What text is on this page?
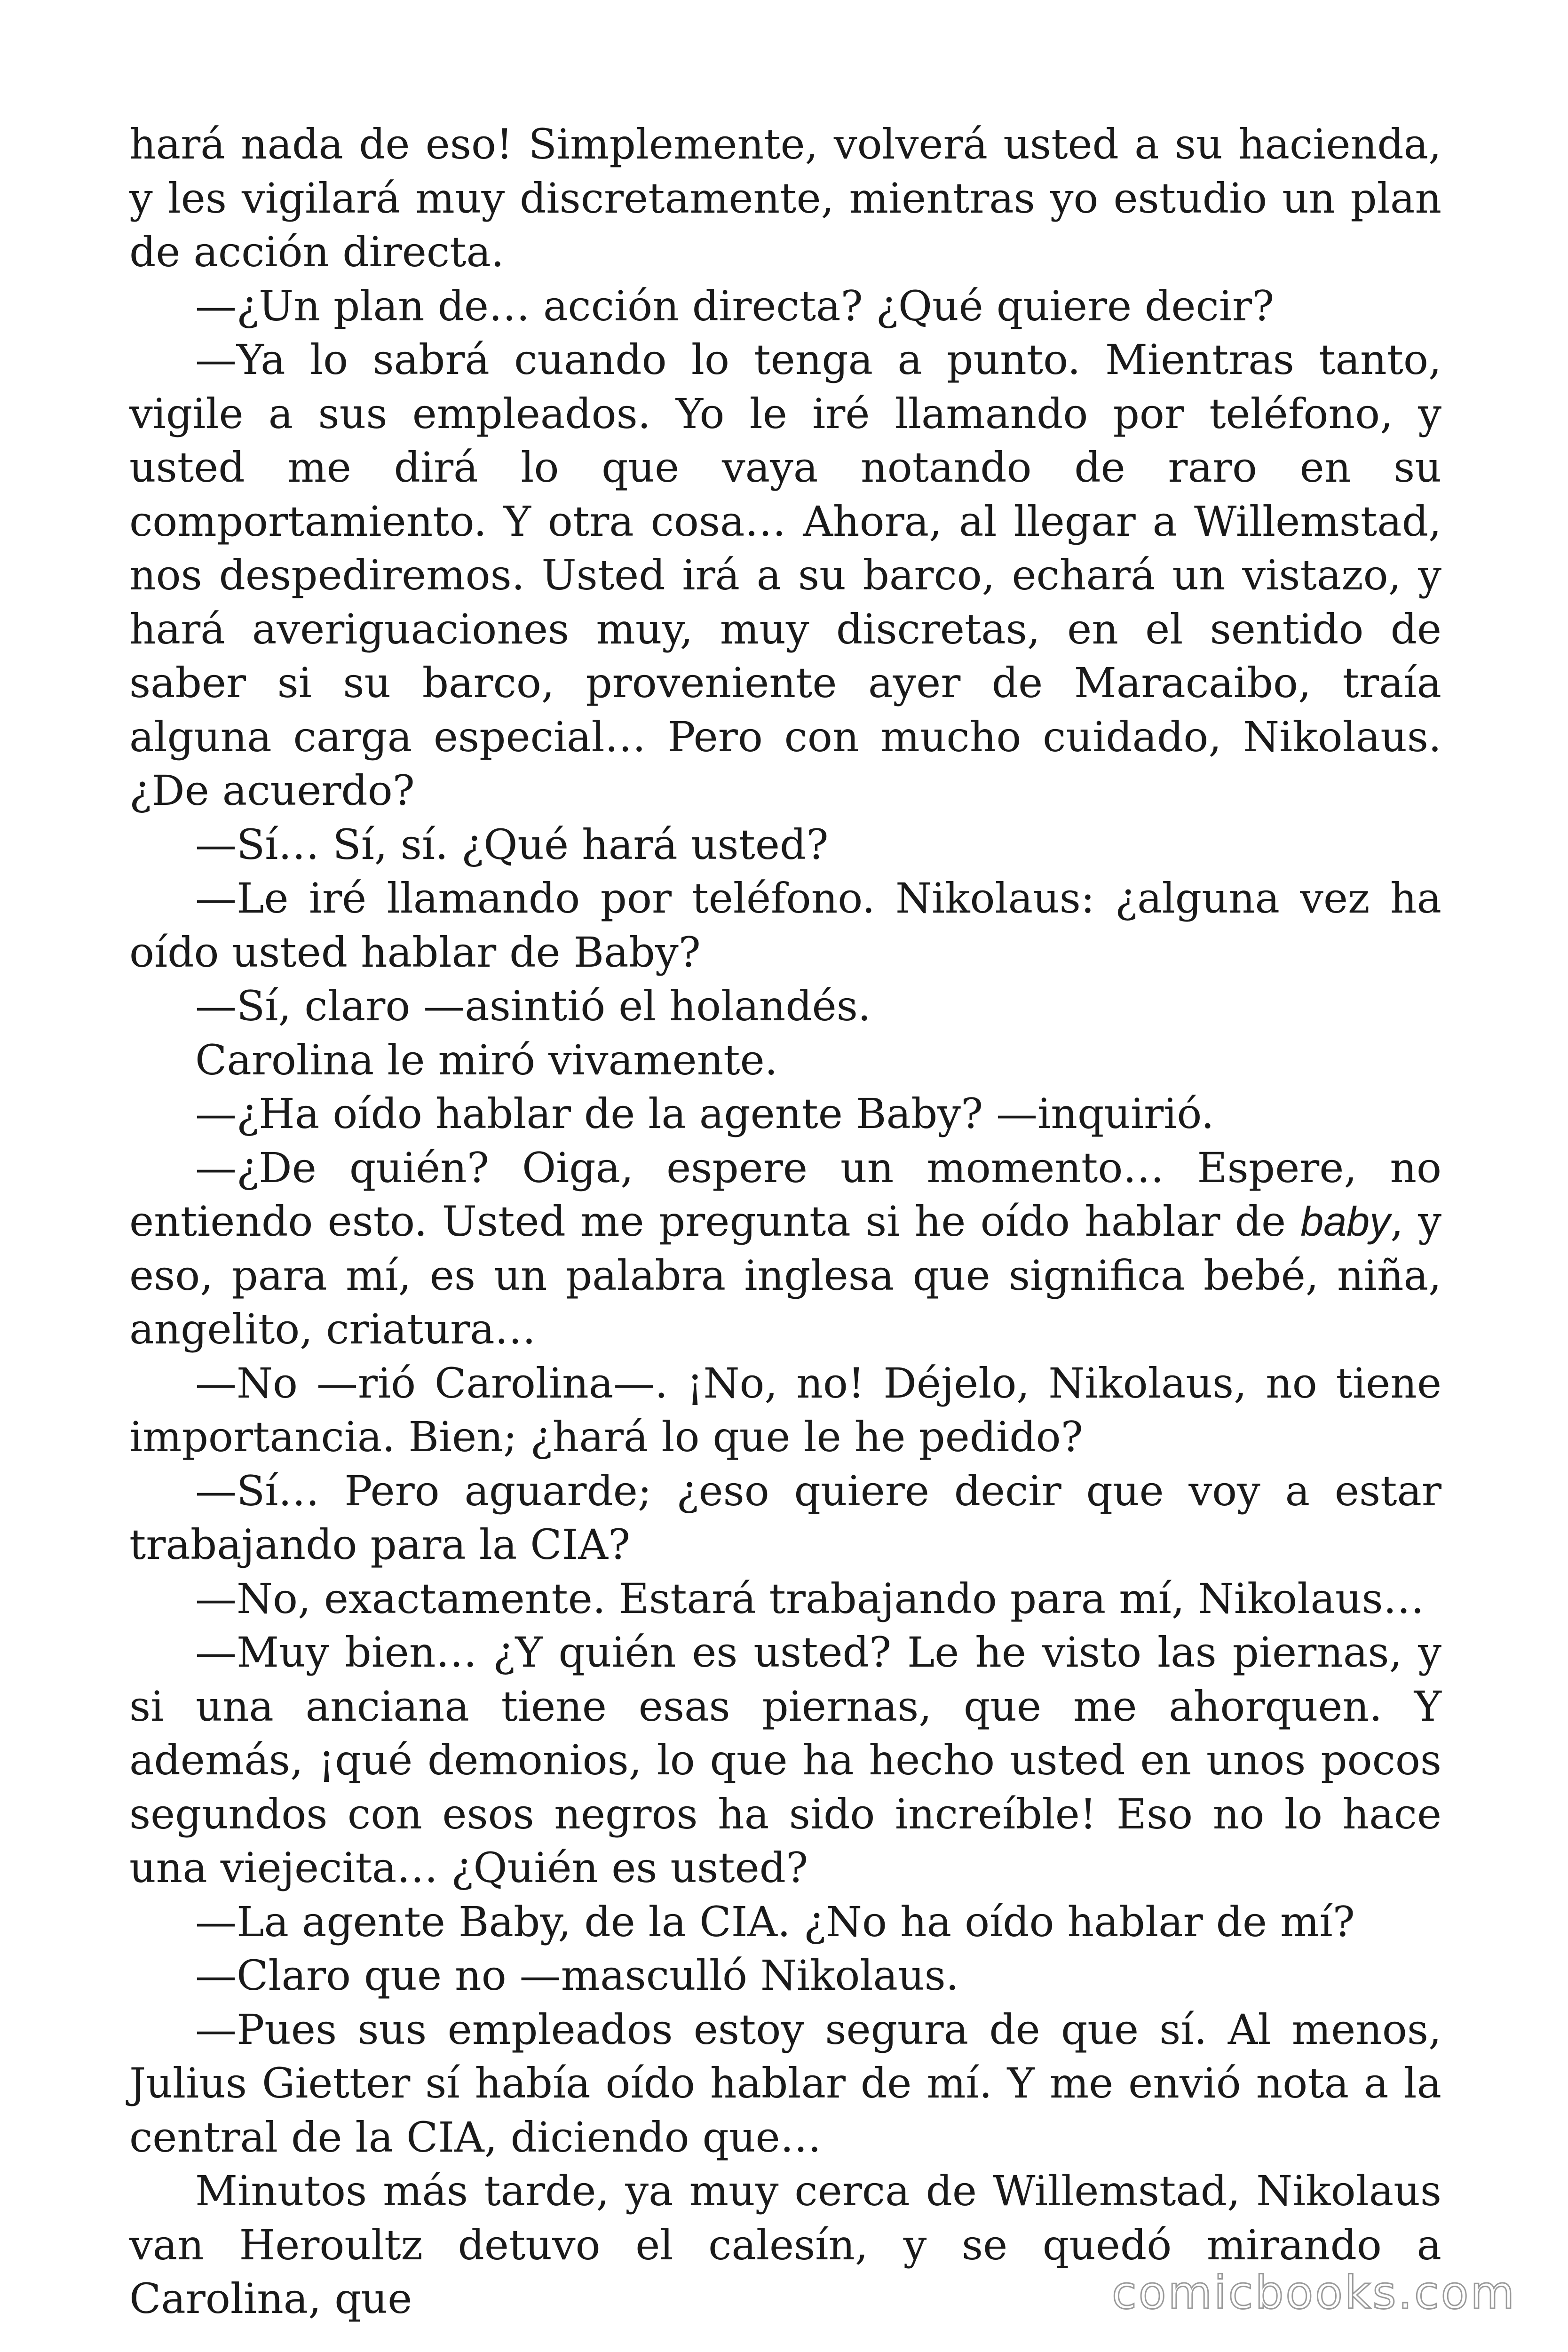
hará nada de eso! Simplemente, volverá usted a su hacienda, y les vigilará muy discretamente, mientras yo estudio un plan de acción directa.

—¿Un plan de… acción directa? ¿Qué quiere decir?

—Ya lo sabrá cuando lo tenga a punto. Mientras tanto, vigile a sus empleados. Yo le iré llamando por teléfono, y usted me dirá lo que vaya notando de raro en su comportamiento. Y otra cosa… Ahora, al llegar a Willemstad, nos despediremos. Usted irá a su barco, echará un vistazo, y hará averiguaciones muy, muy discretas, en el sentido de saber si su barco, proveniente ayer de Maracaibo, traía alguna carga especial… Pero con mucho cuidado, Nikolaus. ¿De acuerdo?

—Sí… Sí, sí. ¿Qué hará usted?

—Le iré llamando por teléfono. Nikolaus: ¿alguna vez ha oído usted hablar de Baby?

—Sí, claro —asintió el holandés.

Carolina le miró vivamente.

—¿Ha oído hablar de la agente Baby? —inquirió.

—¿De quién? Oiga, espere un momento… Espere, no entiendo esto. Usted me pregunta si he oído hablar de baby, y eso, para mí, es un palabra inglesa que significa bebé, niña, angelito, criatura…

—No —rió Carolina—. ¡No, no! Déjelo, Nikolaus, no tiene importancia. Bien; ¿hará lo que le he pedido?

—Sí… Pero aguarde; ¿eso quiere decir que voy a estar trabajando para la CIA?

—No, exactamente. Estará trabajando para mí, Nikolaus…

—Muy bien… ¿Y quién es usted? Le he visto las piernas, y si una anciana tiene esas piernas, que me ahorquen. Y además, ¡qué demonios, lo que ha hecho usted en unos pocos segundos con esos negros ha sido increíble! Eso no lo hace una viejecita… ¿Quién es usted?

—La agente Baby, de la CIA. ¿No ha oído hablar de mí?

—Claro que no —masculló Nikolaus.

—Pues sus empleados estoy segura de que sí. Al menos, Julius Gietter sí había oído hablar de mí. Y me envió nota a la central de la CIA, diciendo que…

Minutos más tarde, ya muy cerca de Willemstad, Nikolaus van Heroultz detuvo el calesín, y se quedó mirando a Carolina, que	comicbooks.com
